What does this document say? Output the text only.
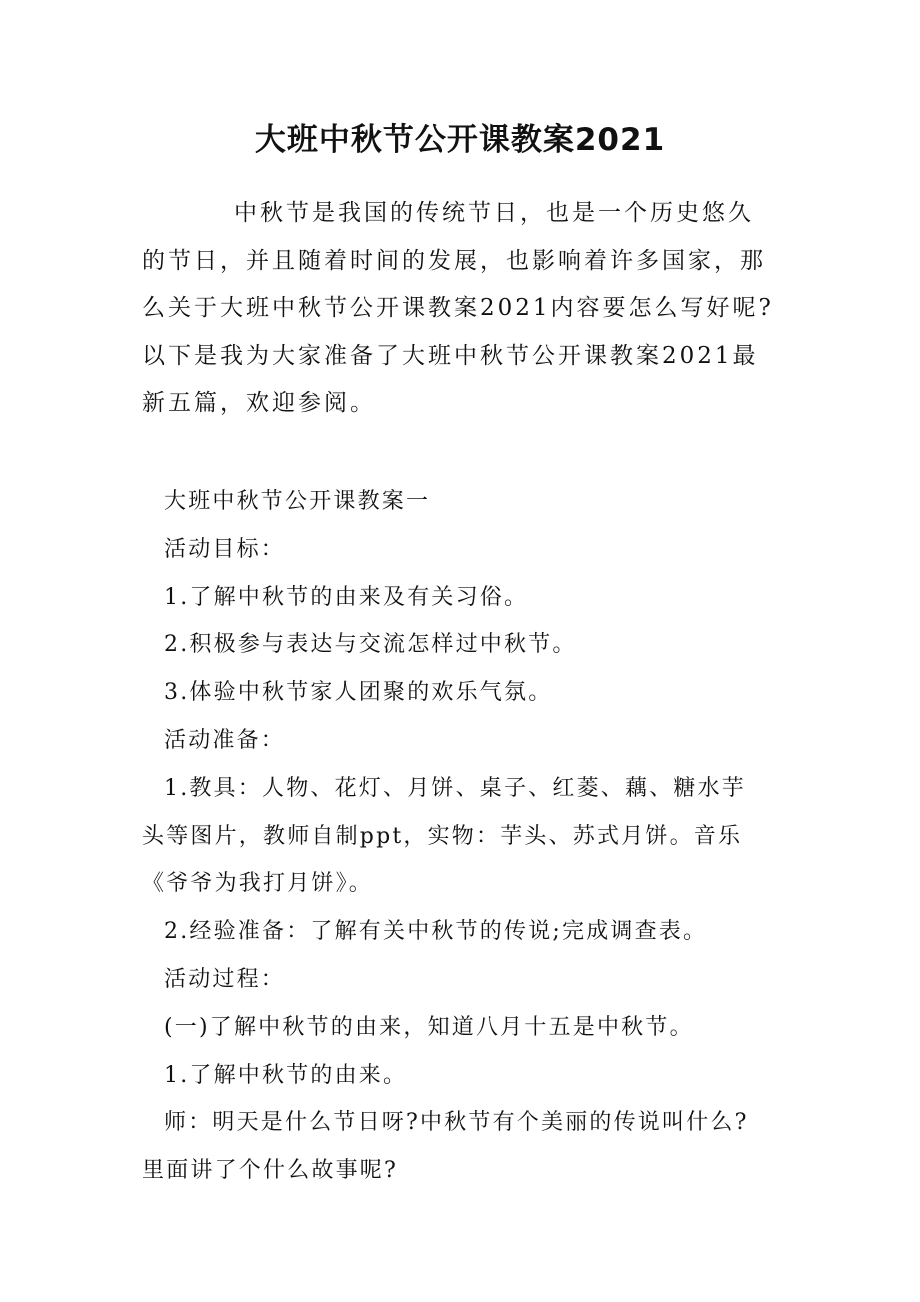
大班中秋节公开课教案2021

中秋节是我国的传统节日，也是一个历史悠久的节日，并且随着时间的发展，也影响着许多国家，那么关于大班中秋节公开课教案2021内容要怎么写好呢?以下是我为大家准备了大班中秋节公开课教案2021最新五篇，欢迎参阅。

大班中秋节公开课教案一

活动目标：

1.了解中秋节的由来及有关习俗。

2.积极参与表达与交流怎样过中秋节。

3.体验中秋节家人团聚的欢乐气氛。

活动准备：

1.教具：人物、花灯、月饼、桌子、红菱、藕、糖水芋

头等图片，教师自制ppt，实物：芋头、苏式月饼。音乐

《爷爷为我打月饼》。

2.经验准备：了解有关中秋节的传说;完成调查表。

活动过程：

(一)了解中秋节的由来，知道八月十五是中秋节。

1.了解中秋节的由来。

师：明天是什么节日呀?中秋节有个美丽的传说叫什么?

里面讲了个什么故事呢?
